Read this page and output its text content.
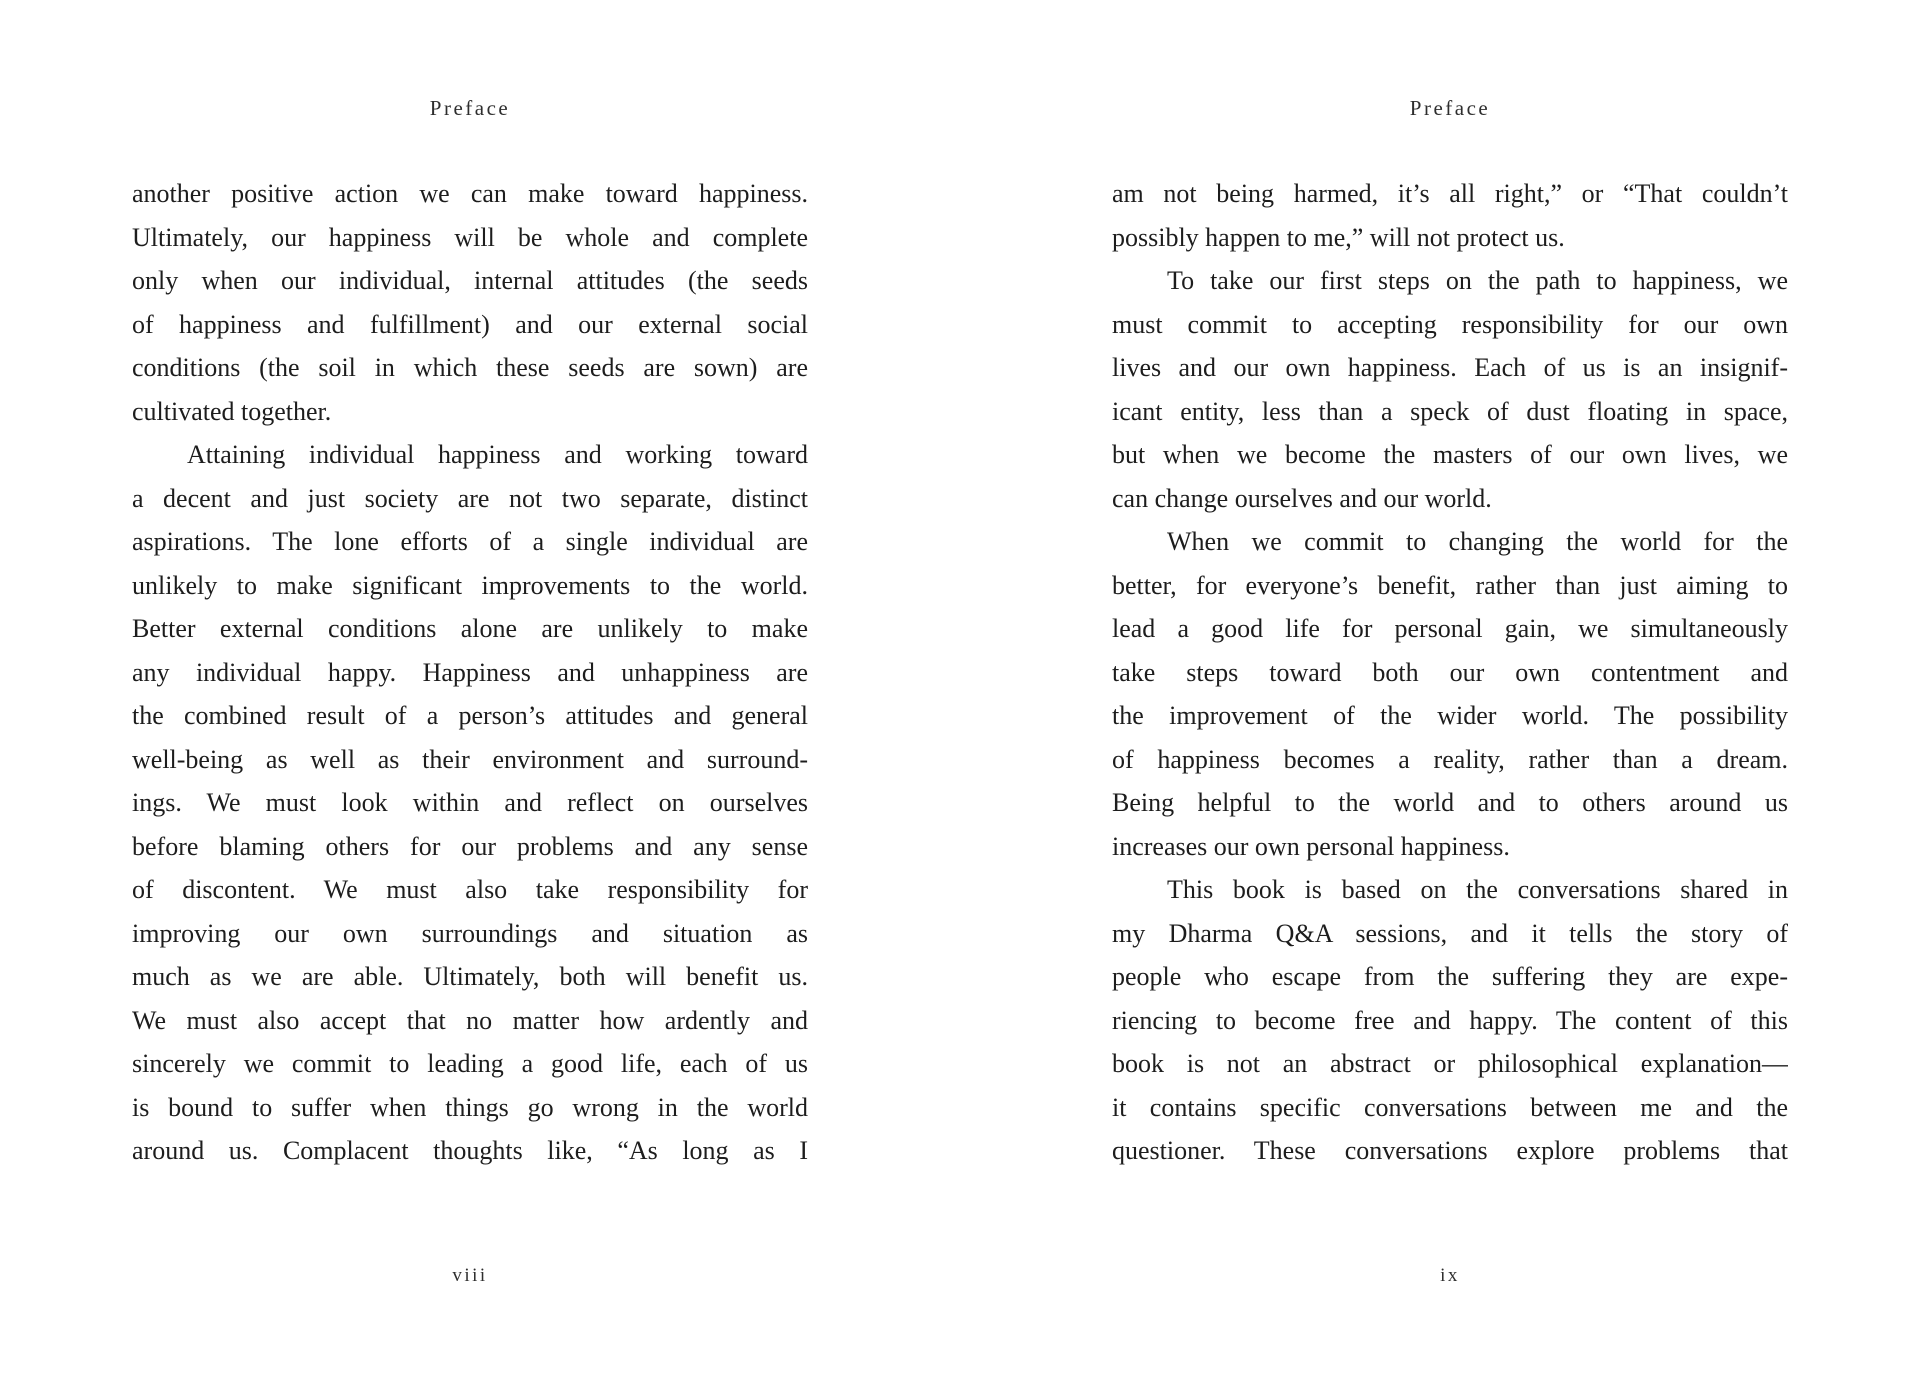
Preface
another positive action we can make toward happiness.
Ultimately, our happiness will be whole and complete
only when our individual, internal attitudes (the seeds
of happiness and fulfillment) and our external social
conditions (the soil in which these seeds are sown) are
cultivated together.
Attaining individual happiness and working toward
a decent and just society are not two separate, distinct
aspirations. The lone efforts of a single individual are
unlikely to make significant improvements to the world.
Better external conditions alone are unlikely to make
any individual happy. Happiness and unhappiness are
the combined result of a person’s attitudes and general
well-being as well as their environment and surround-
ings. We must look within and reflect on ourselves
before blaming others for our problems and any sense
of discontent. We must also take responsibility for
improving our own surroundings and situation as
much as we are able. Ultimately, both will benefit us.
We must also accept that no matter how ardently and
sincerely we commit to leading a good life, each of us
is bound to suffer when things go wrong in the world
around us. Complacent thoughts like, “As long as I
viii
Preface
am not being harmed, it’s all right,” or “That couldn’t
possibly happen to me,” will not protect us.
To take our first steps on the path to happiness, we
must commit to accepting responsibility for our own
lives and our own happiness. Each of us is an insignif-
icant entity, less than a speck of dust floating in space,
but when we become the masters of our own lives, we
can change ourselves and our world.
When we commit to changing the world for the
better, for everyone’s benefit, rather than just aiming to
lead a good life for personal gain, we simultaneously
take steps toward both our own contentment and
the improvement of the wider world. The possibility
of happiness becomes a reality, rather than a dream.
Being helpful to the world and to others around us
increases our own personal happiness.
This book is based on the conversations shared in
my Dharma Q&A sessions, and it tells the story of
people who escape from the suffering they are expe-
riencing to become free and happy. The content of this
book is not an abstract or philosophical explanation—
it contains specific conversations between me and the
questioner. These conversations explore problems that
ix
